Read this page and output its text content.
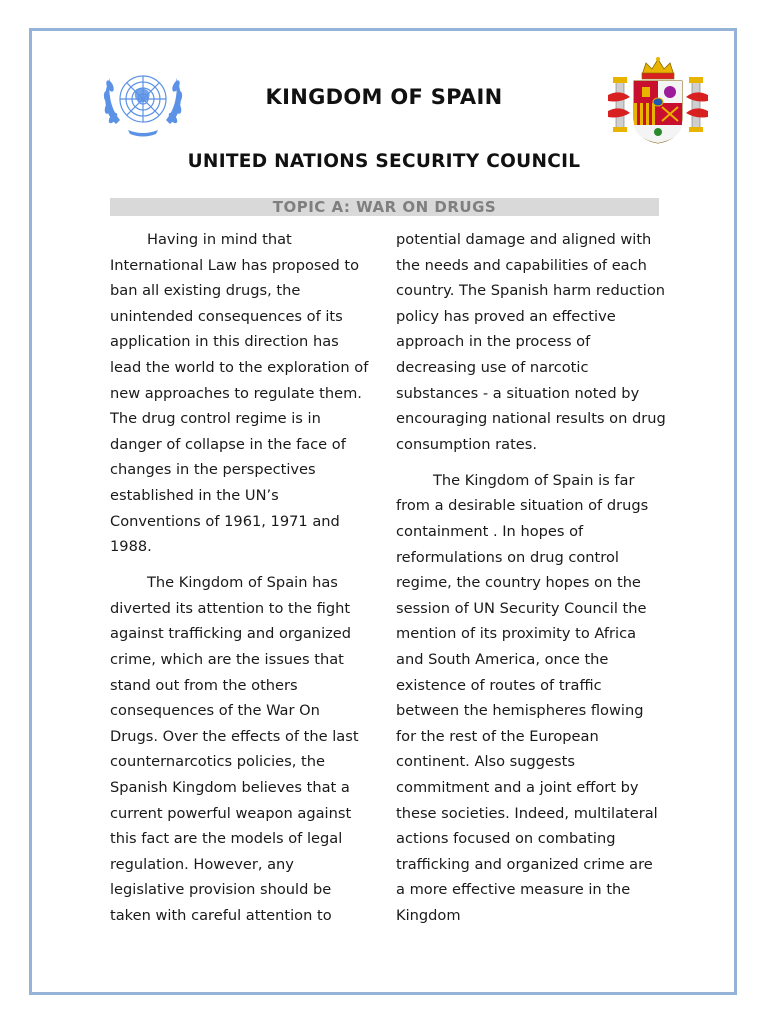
KINGDOM OF SPAIN
UNITED NATIONS SECURITY COUNCIL
TOPIC A: WAR ON DRUGS

Having in mind that International Law has proposed to ban all existing drugs, the unintended consequences of its application in this direction has lead the world to the exploration of new approaches to regulate them. The drug control regime is in danger of collapse in the face of changes in the perspectives established in the UN’s Conventions of 1961, 1971 and 1988.

The Kingdom of Spain has diverted its attention to the fight against trafficking and organized crime, which are the issues that stand out from the others consequences of the War On Drugs. Over the effects of the last counternarcotics policies, the Spanish Kingdom believes that a current powerful weapon against this fact are the models of legal regulation. However, any legislative provision should be taken with careful attention to

potential damage and aligned with the needs and capabilities of each country. The Spanish harm reduction policy has proved an effective approach in the process of decreasing use of narcotic substances - a situation noted by encouraging national results on drug consumption rates.

The Kingdom of Spain is far from a desirable situation of drugs containment . In hopes of reformulations on drug control regime, the country hopes on the session of UN Security Council the mention of its proximity to Africa and South America, once the existence of routes of traffic between the hemispheres flowing for the rest of the European continent. Also suggests commitment and a joint effort by these societies. Indeed, multilateral actions focused on combating trafficking and organized crime are a more effective measure in the Kingdom
